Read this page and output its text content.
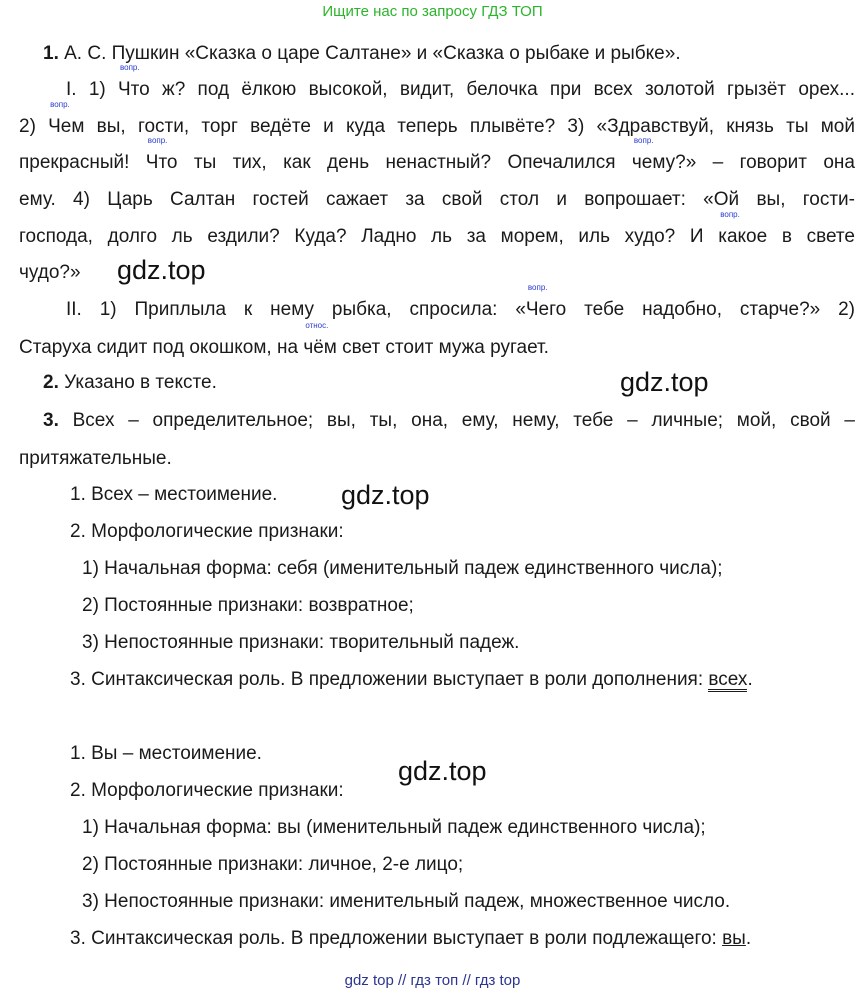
Ищите нас по запросу ГДЗ ТОП
1. А. С. Пушкин «Сказка о царе Салтане» и «Сказка о рыбаке и рыбке».
I. 1)
вопр.
Что ж? под ёлкою высокой, видит, белочка при всех золотой грызёт орех...
2)
вопр.
Чем вы, гости, торг ведёте и куда теперь плывёте? 3) «Здравствуй, князь ты мой
прекрасный!
вопр.
Что ты тих, как день ненастный? Опечалился
вопр.
чему?» – говорит она
ему. 4) Царь Салтан гостей сажает за свой стол и вопрошает: «Ой вы, гости-
господа, долго ль ездили? Куда? Ладно ль за морем, иль худо? И
вопр.
какое в свете
чудо?» gdz.top
II. 1) Приплыла к нему рыбка, спросила: «
вопр.
Чего тебе надобно, старче?» 2)
Старуха сидит под окошком, на
относ.
чём свет стоит мужа ругает.
2. Указано в тексте.	gdz.top
3. Всех – определительное; вы, ты, она, ему, нему, тебе – личные; мой, свой –
притяжательные.
1. Всех – местоимение. gdz.top
2. Морфологические признаки:
1) Начальная форма: себя (именительный падеж единственного числа);
2) Постоянные признаки: возвратное;
3) Непостоянные признаки: творительный падеж.
3. Синтаксическая роль. В предложении выступает в роли дополнения: всех.
1. Вы – местоимение.
gdz.top
2. Морфологические признаки:
1) Начальная форма: вы (именительный падеж единственного числа);
2) Постоянные признаки: личное, 2-е лицо;
3) Непостоянные признаки: именительный падеж, множественное число.
3. Синтаксическая роль. В предложении выступает в роли подлежащего: вы.
gdz top // гдз топ // гдз top
